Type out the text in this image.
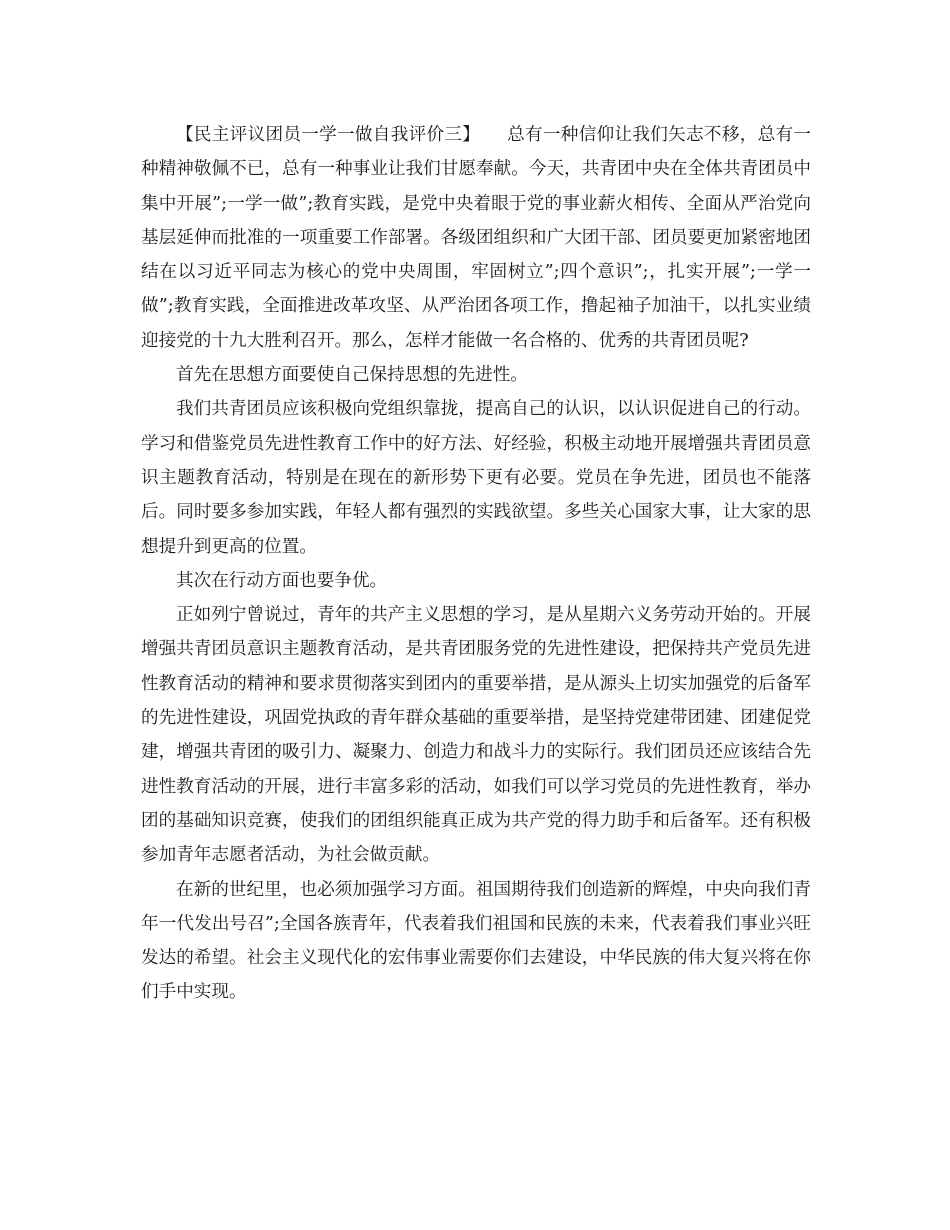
【民主评议团员一学一做自我评价三】　　总有一种信仰让我们矢志不移，总有一种精神敬佩不已，总有一种事业让我们甘愿奉献。今天，共青团中央在全体共青团员中集中开展”;一学一做”;教育实践，是党中央着眼于党的事业薪火相传、全面从严治党向基层延伸而批准的一项重要工作部署。各级团组织和广大团干部、团员要更加紧密地团结在以习近平同志为核心的党中央周围，牢固树立”;四个意识”;，扎实开展”;一学一做”;教育实践，全面推进改革攻坚、从严治团各项工作，撸起袖子加油干，以扎实业绩迎接党的十九大胜利召开。那么，怎样才能做一名合格的、优秀的共青团员呢?

首先在思想方面要使自己保持思想的先进性。

我们共青团员应该积极向党组织靠拢，提高自己的认识，以认识促进自己的行动。学习和借鉴党员先进性教育工作中的好方法、好经验，积极主动地开展增强共青团员意识主题教育活动，特别是在现在的新形势下更有必要。党员在争先进，团员也不能落后。同时要多参加实践，年轻人都有强烈的实践欲望。多些关心国家大事，让大家的思想提升到更高的位置。

其次在行动方面也要争优。

正如列宁曾说过，青年的共产主义思想的学习，是从星期六义务劳动开始的。开展增强共青团员意识主题教育活动，是共青团服务党的先进性建设，把保持共产党员先进性教育活动的精神和要求贯彻落实到团内的重要举措，是从源头上切实加强党的后备军的先进性建设，巩固党执政的青年群众基础的重要举措，是坚持党建带团建、团建促党建，增强共青团的吸引力、凝聚力、创造力和战斗力的实际行。我们团员还应该结合先进性教育活动的开展，进行丰富多彩的活动，如我们可以学习党员的先进性教育，举办团的基础知识竞赛，使我们的团组织能真正成为共产党的得力助手和后备军。还有积极参加青年志愿者活动，为社会做贡献。

在新的世纪里，也必须加强学习方面。祖国期待我们创造新的辉煌，中央向我们青年一代发出号召”;全国各族青年，代表着我们祖国和民族的未来，代表着我们事业兴旺发达的希望。社会主义现代化的宏伟事业需要你们去建设，中华民族的伟大复兴将在你们手中实现。
